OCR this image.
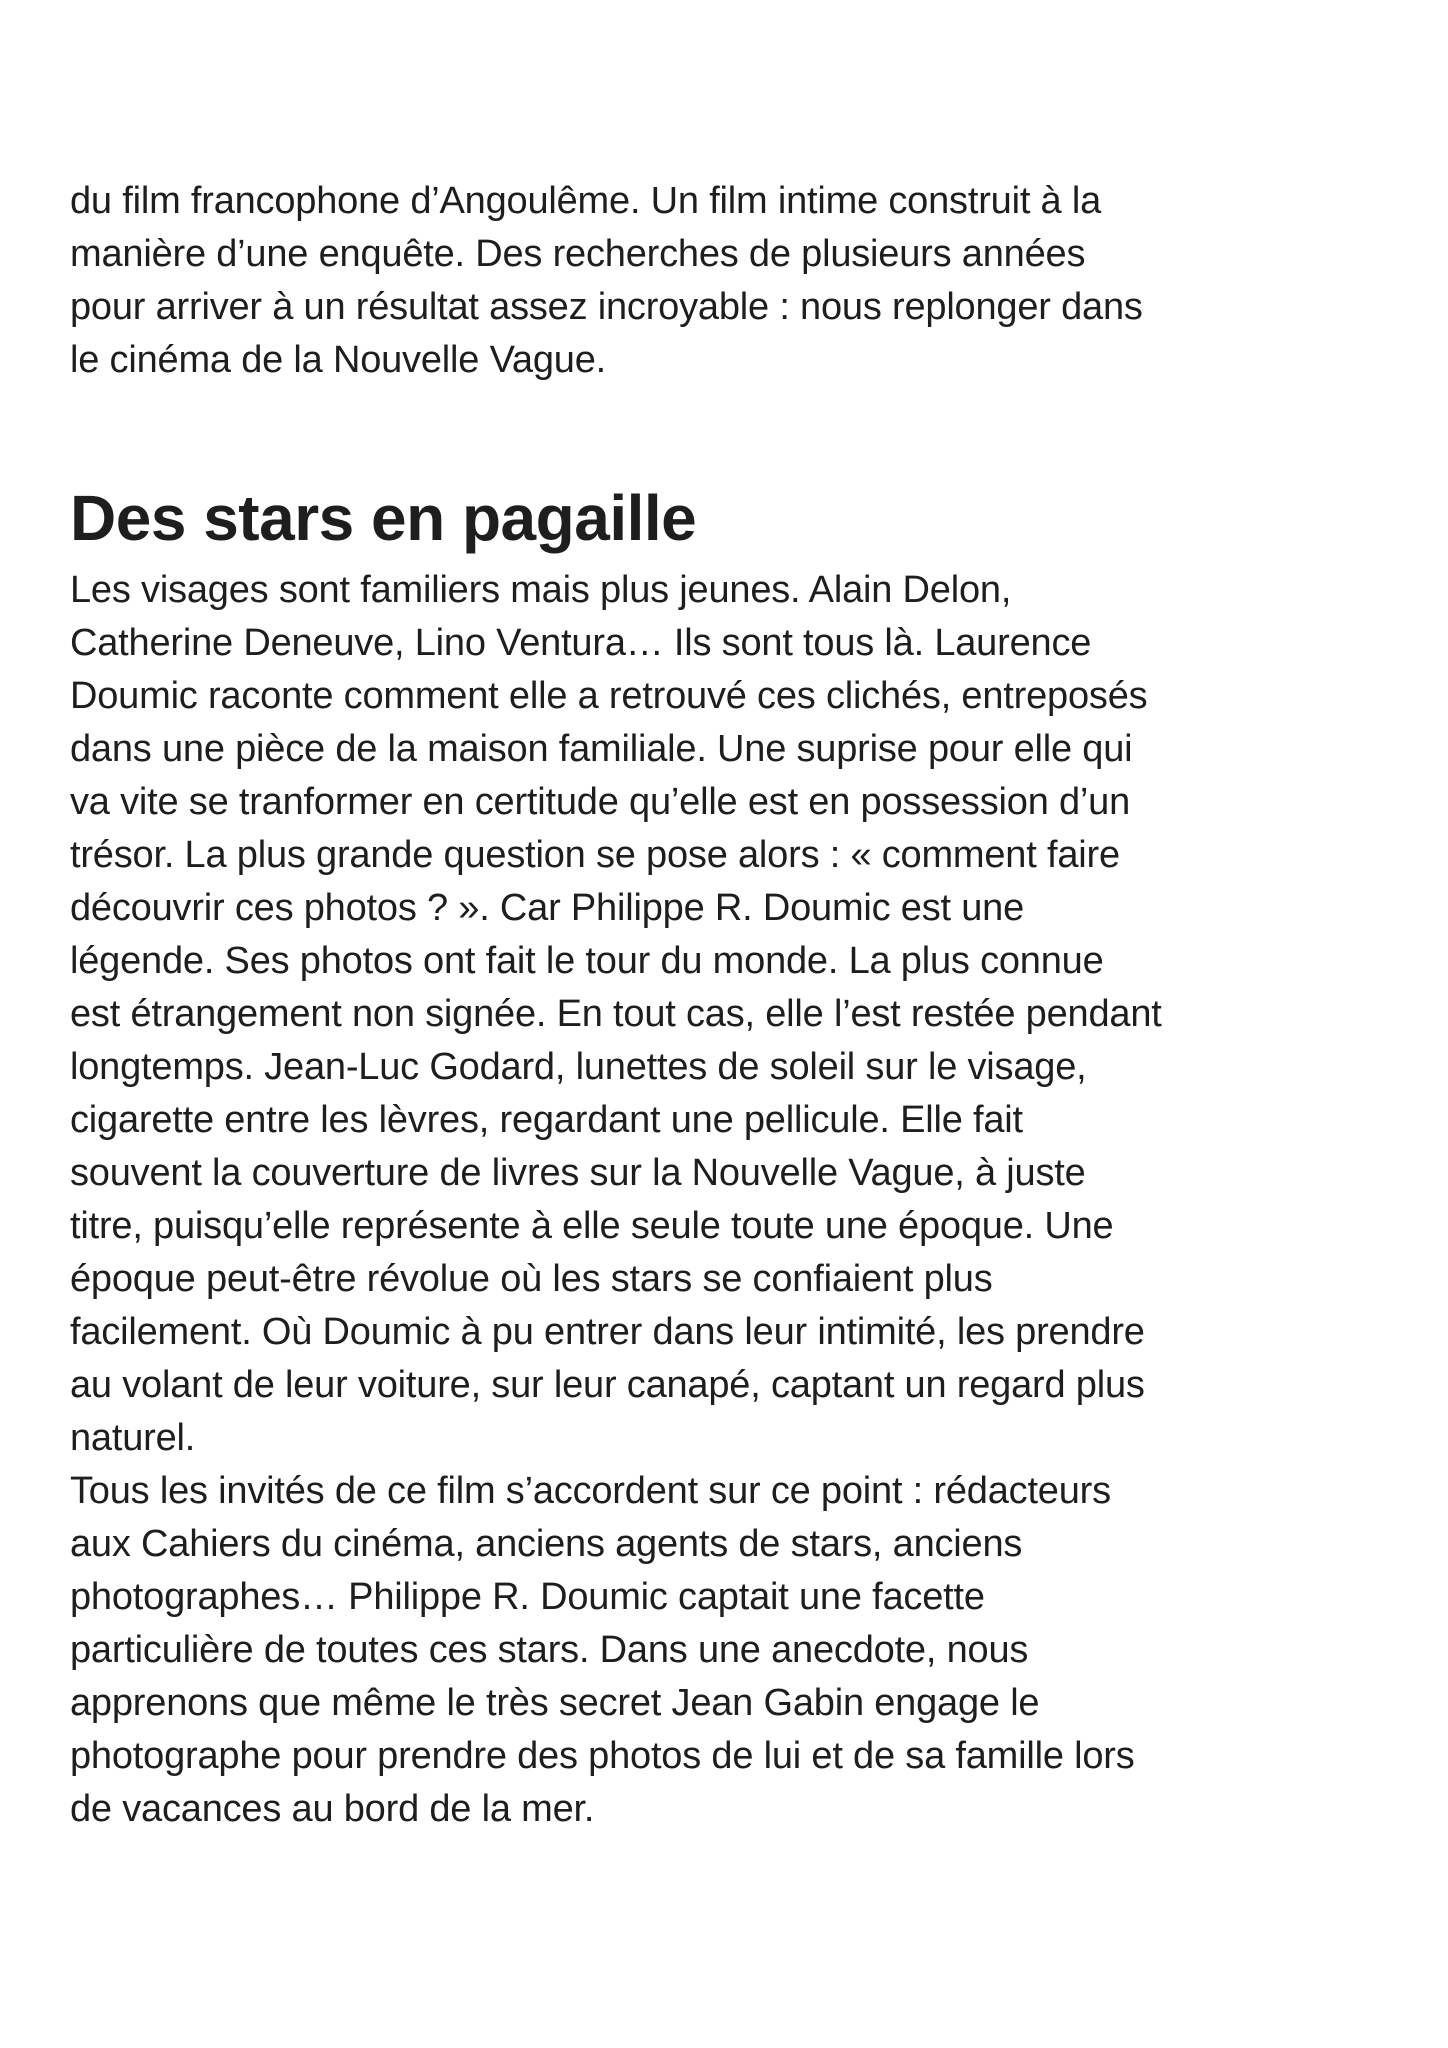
du film francophone d’Angoulême. Un film intime construit à la
manière d’une enquête. Des recherches de plusieurs années
pour arriver à un résultat assez incroyable : nous replonger dans
le cinéma de la Nouvelle Vague.

Des stars en pagaille

Les visages sont familiers mais plus jeunes. Alain Delon,
Catherine Deneuve, Lino Ventura… Ils sont tous là. Laurence
Doumic raconte comment elle a retrouvé ces clichés, entreposés
dans une pièce de la maison familiale. Une suprise pour elle qui
va vite se tranformer en certitude qu’elle est en possession d’un
trésor. La plus grande question se pose alors : « comment faire
découvrir ces photos ? ». Car Philippe R. Doumic est une
légende. Ses photos ont fait le tour du monde. La plus connue
est étrangement non signée. En tout cas, elle l’est restée pendant
longtemps. Jean-Luc Godard, lunettes de soleil sur le visage,
cigarette entre les lèvres, regardant une pellicule. Elle fait
souvent la couverture de livres sur la Nouvelle Vague, à juste
titre, puisqu’elle représente à elle seule toute une époque. Une
époque peut-être révolue où les stars se confiaient plus
facilement. Où Doumic à pu entrer dans leur intimité, les prendre
au volant de leur voiture, sur leur canapé, captant un regard plus
naturel.

Tous les invités de ce film s’accordent sur ce point : rédacteurs
aux Cahiers du cinéma, anciens agents de stars, anciens
photographes… Philippe R. Doumic captait une facette
particulière de toutes ces stars. Dans une anecdote, nous
apprenons que même le très secret Jean Gabin engage le
photographe pour prendre des photos de lui et de sa famille lors
de vacances au bord de la mer.
